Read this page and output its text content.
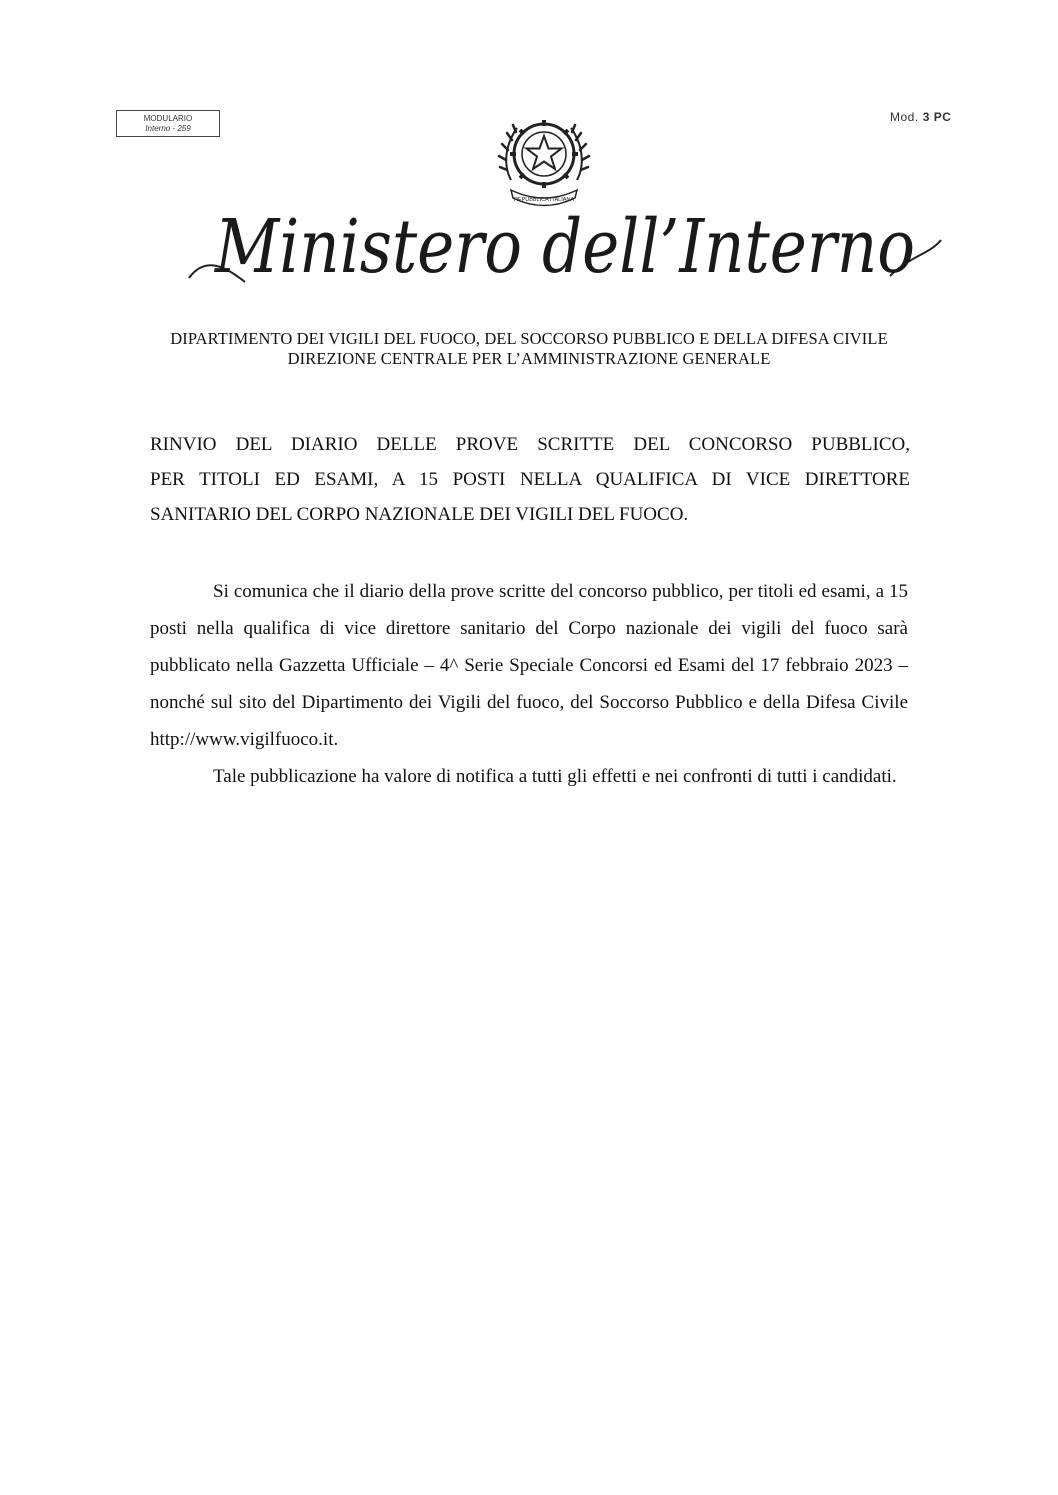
MODULARIO
Interno - 259
Mod. 3 PC
REPUBBLICA ITALIANA
Ministero dell’Interno
DIPARTIMENTO DEI VIGILI DEL FUOCO, DEL SOCCORSO PUBBLICO E DELLA DIFESA CIVILE
DIREZIONE CENTRALE PER L’AMMINISTRAZIONE GENERALE
RINVIO DEL DIARIO DELLE PROVE SCRITTE DEL CONCORSO PUBBLICO,
PER TITOLI ED ESAMI, A 15 POSTI NELLA QUALIFICA DI VICE DIRETTORE
SANITARIO DEL CORPO NAZIONALE DEI VIGILI DEL FUOCO.

Si comunica che il diario della prove scritte del concorso pubblico, per titoli ed esami, a 15 posti nella qualifica di vice direttore sanitario del Corpo nazionale dei vigili del fuoco sarà pubblicato nella Gazzetta Ufficiale – 4^ Serie Speciale Concorsi ed Esami del 17 febbraio 2023 – nonché sul sito del Dipartimento dei Vigili del fuoco, del Soccorso Pubblico e della Difesa Civile http://www.vigilfuoco.it.

Tale pubblicazione ha valore di notifica a tutti gli effetti e nei confronti di tutti i candidati.
